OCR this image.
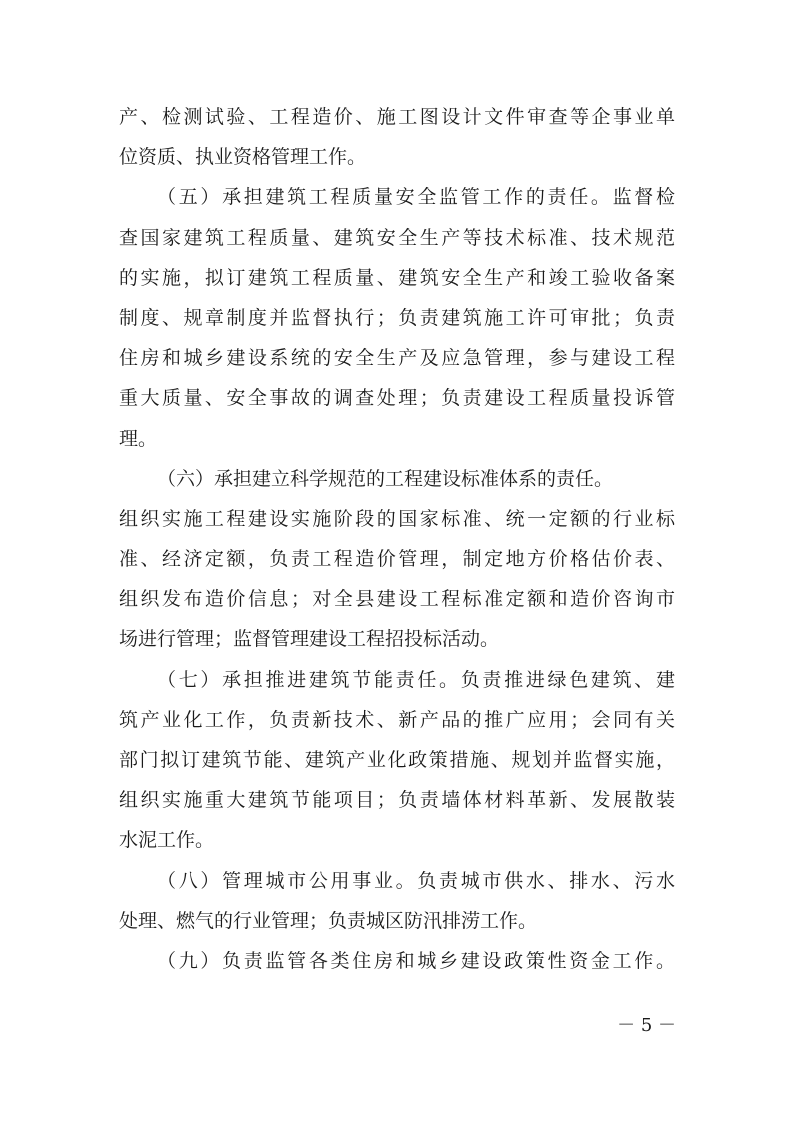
产、检测试验、工程造价、施工图设计文件审查等企事业单
位资质、执业资格管理工作。
（五）承担建筑工程质量安全监管工作的责任。监督检
查国家建筑工程质量、建筑安全生产等技术标准、技术规范
的实施，拟订建筑工程质量、建筑安全生产和竣工验收备案
制度、规章制度并监督执行；负责建筑施工许可审批；负责
住房和城乡建设系统的安全生产及应急管理，参与建设工程
重大质量、安全事故的调查处理；负责建设工程质量投诉管
理。
（六）承担建立科学规范的工程建设标准体系的责任。
组织实施工程建设实施阶段的国家标准、统一定额的行业标
准、经济定额，负责工程造价管理，制定地方价格估价表、
组织发布造价信息；对全县建设工程标准定额和造价咨询市
场进行管理；监督管理建设工程招投标活动。
（七）承担推进建筑节能责任。负责推进绿色建筑、建
筑产业化工作，负责新技术、新产品的推广应用；会同有关
部门拟订建筑节能、建筑产业化政策措施、规划并监督实施，
组织实施重大建筑节能项目；负责墙体材料革新、发展散装
水泥工作。
（八）管理城市公用事业。负责城市供水、排水、污水
处理、燃气的行业管理；负责城区防汛排涝工作。
（九）负责监管各类住房和城乡建设政策性资金工作。
－ 5 －
